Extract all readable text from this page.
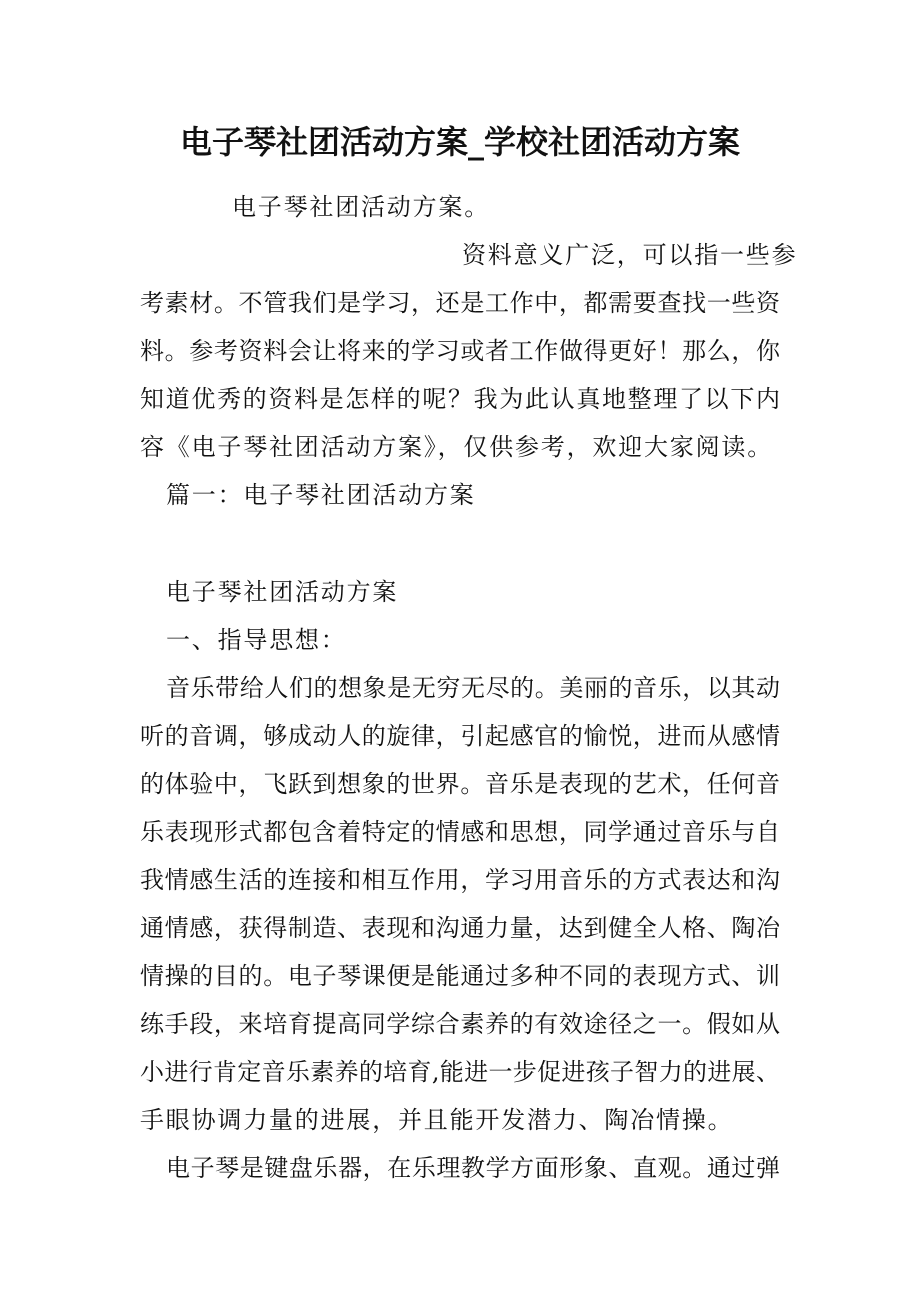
电子琴社团活动方案_学校社团活动方案
电子琴社团活动方案。
资料意义广泛，可以指一些参
考素材。不管我们是学习，还是工作中，都需要查找一些资
料。参考资料会让将来的学习或者工作做得更好！那么，你
知道优秀的资料是怎样的呢？我为此认真地整理了以下内
容《电子琴社团活动方案》，仅供参考，欢迎大家阅读。
篇一：电子琴社团活动方案
电子琴社团活动方案
一、指导思想：
音乐带给人们的想象是无穷无尽的。美丽的音乐，以其动
听的音调，够成动人的旋律，引起感官的愉悦，进而从感情
的体验中，飞跃到想象的世界。音乐是表现的艺术，任何音
乐表现形式都包含着特定的情感和思想，同学通过音乐与自
我情感生活的连接和相互作用，学习用音乐的方式表达和沟
通情感，获得制造、表现和沟通力量，达到健全人格、陶冶
情操的目的。电子琴课便是能通过多种不同的表现方式、训
练手段，来培育提高同学综合素养的有效途径之一。假如从
小进行肯定音乐素养的培育,能进一步促进孩子智力的进展、
手眼协调力量的进展，并且能开发潜力、陶冶情操。
电子琴是键盘乐器，在乐理教学方面形象、直观。通过弹
